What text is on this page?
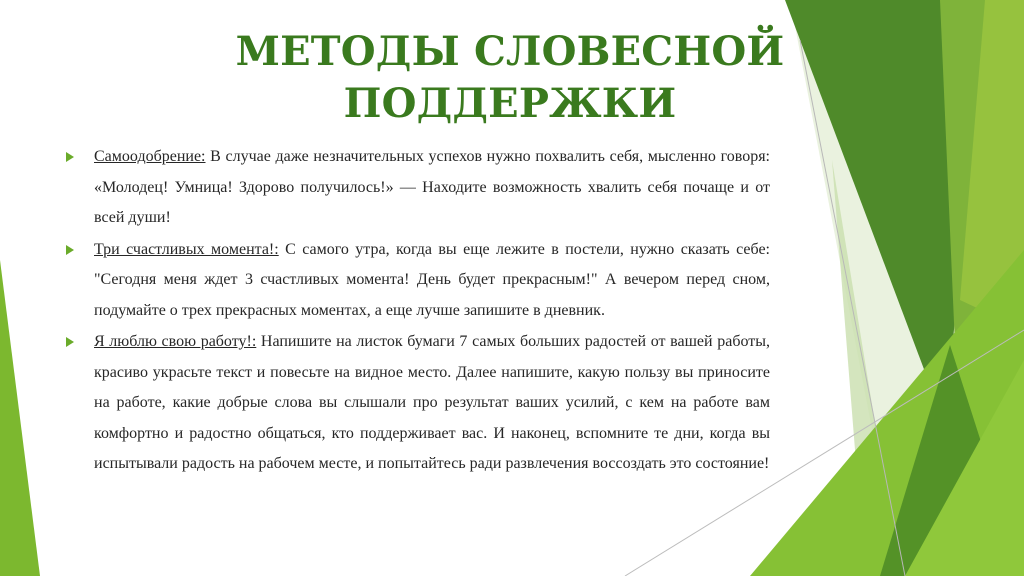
МЕТОДЫ СЛОВЕСНОЙ ПОДДЕРЖКИ
Самоодобрение: В случае даже незначительных успехов нужно похвалить себя, мысленно говоря: «Молодец! Умница! Здорово получилось!» — Находите возможность хвалить себя почаще и от всей души!
Три счастливых момента!: С самого утра, когда вы еще лежите в постели, нужно сказать себе: "Сегодня меня ждет 3 счастливых момента! День будет прекрасным!" А вечером перед сном, подумайте о трех прекрасных моментах, а еще лучше запишите в дневник.
Я люблю свою работу!: Напишите на листок бумаги 7 самых больших радостей от вашей работы, красиво украсьте текст и повесьте на видное место. Далее напишите, какую пользу вы приносите на работе, какие добрые слова вы слышали про результат ваших усилий, с кем на работе вам комфортно и радостно общаться, кто поддерживает вас. И наконец, вспомните те дни, когда вы испытывали радость на рабочем месте, и попытайтесь ради развлечения воссоздать это состояние!
